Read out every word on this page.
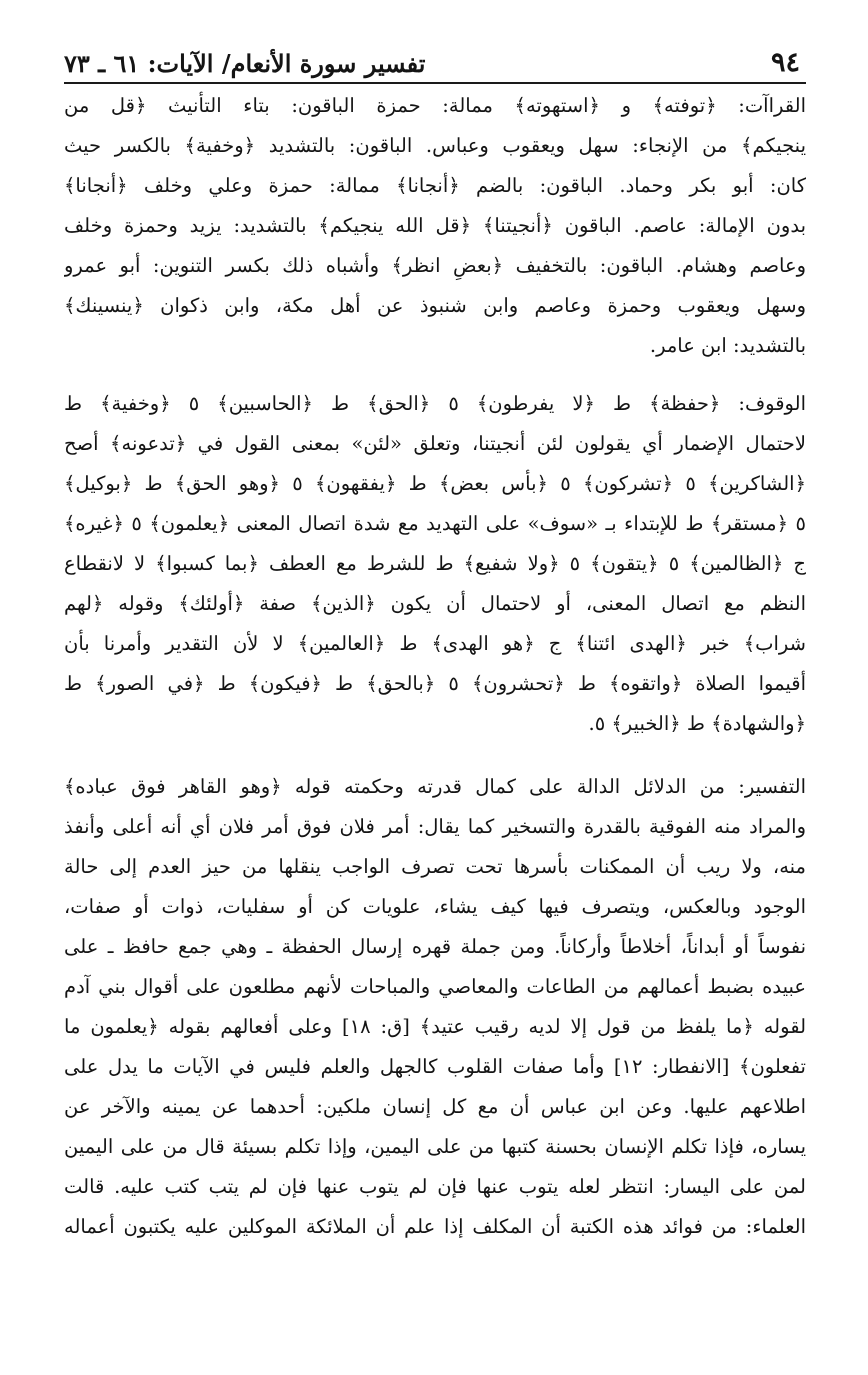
تفسير سورة الأنعام/ الآيات: ٦١ ـ ٧٣	٩٤
القراآت: ﴿توفته﴾ و ﴿استهوته﴾ ممالة: حمزة الباقون: بتاء التأنيث ﴿قل من
ينجيكم﴾ من الإنجاء: سهل ويعقوب وعباس. الباقون: بالتشديد ﴿وخفية﴾ بالكسر حيث
كان: أبو بكر وحماد. الباقون: بالضم ﴿أنجانا﴾ ممالة: حمزة وعلي وخلف ﴿أنجانا﴾
بدون الإمالة: عاصم. الباقون ﴿أنجيتنا﴾ ﴿قل الله ينجيكم﴾ بالتشديد: يزيد وحمزة وخلف
وعاصم وهشام. الباقون: بالتخفيف ﴿بعضِ انظر﴾ وأشباه ذلك بكسر التنوين: أبو عمرو
وسهل ويعقوب وحمزة وعاصم وابن شنبوذ عن أهل مكة، وابن ذكوان ﴿ينسينك﴾
بالتشديد: ابن عامر.
الوقوف: ﴿حفظة﴾ ط ﴿لا يفرطون﴾ ٥ ﴿الحق﴾ ط ﴿الحاسبين﴾ ٥ ﴿وخفية﴾ ط
لاحتمال الإضمار أي يقولون لئن أنجيتنا، وتعلق «لئن» بمعنى القول في ﴿تدعونه﴾ أصح
﴿الشاكرين﴾ ٥ ﴿تشركون﴾ ٥ ﴿بأس بعض﴾ ط ﴿يفقهون﴾ ٥ ﴿وهو الحق﴾ ط ﴿بوكيل﴾
٥ ﴿مستقر﴾ ط للإبتداء بـ «سوف» على التهديد مع شدة اتصال المعنى ﴿يعلمون﴾ ٥ ﴿غيره﴾
ج ﴿الظالمين﴾ ٥ ﴿يتقون﴾ ٥ ﴿ولا شفيع﴾ ط للشرط مع العطف ﴿بما كسبوا﴾ لا لانقطاع
النظم مع اتصال المعنى، أو لاحتمال أن يكون ﴿الذين﴾ صفة ﴿أولئك﴾ وقوله ﴿لهم
شراب﴾ خبر ﴿الهدى ائتنا﴾ ج ﴿هو الهدى﴾ ط ﴿العالمين﴾ لا لأن التقدير وأمرنا بأن
أقيموا الصلاة ﴿واتقوه﴾ ط ﴿تحشرون﴾ ٥ ﴿بالحق﴾ ط ﴿فيكون﴾ ط ﴿في الصور﴾ ط
﴿والشهادة﴾ ط ﴿الخبير﴾ ٥.
التفسير: من الدلائل الدالة على كمال قدرته وحكمته قوله ﴿وهو القاهر فوق عباده﴾
والمراد منه الفوقية بالقدرة والتسخير كما يقال: أمر فلان فوق أمر فلان أي أنه أعلى وأنفذ
منه، ولا ريب أن الممكنات بأسرها تحت تصرف الواجب ينقلها من حيز العدم إلى حالة
الوجود وبالعكس، ويتصرف فيها كيف يشاء، علويات كن أو سفليات، ذوات أو صفات،
نفوساً أو أبداناً، أخلاطاً وأركاناً. ومن جملة قهره إرسال الحفظة ـ وهي جمع حافظ ـ على
عبيده بضبط أعمالهم من الطاعات والمعاصي والمباحات لأنهم مطلعون على أقوال بني آدم
لقوله ﴿ما يلفظ من قول إلا لديه رقيب عتيد﴾ [ق: ١٨] وعلى أفعالهم بقوله ﴿يعلمون ما
تفعلون﴾ [الانفطار: ١٢] وأما صفات القلوب كالجهل والعلم فليس في الآيات ما يدل على
اطلاعهم عليها. وعن ابن عباس أن مع كل إنسان ملكين: أحدهما عن يمينه والآخر عن
يساره، فإذا تكلم الإنسان بحسنة كتبها من على اليمين، وإذا تكلم بسيئة قال من على اليمين
لمن على اليسار: انتظر لعله يتوب عنها فإن لم يتوب عنها فإن لم يتب كتب عليه. قالت
العلماء: من فوائد هذه الكتبة أن المكلف إذا علم أن الملائكة الموكلين عليه يكتبون أعماله
